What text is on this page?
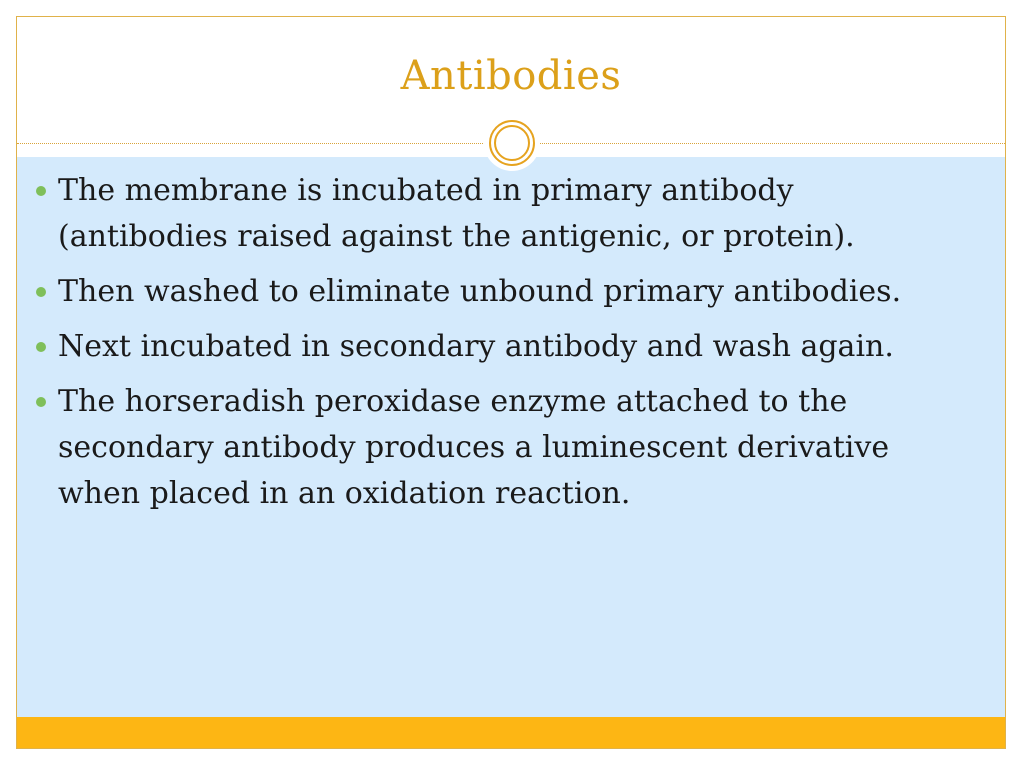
Antibodies
The membrane is incubated in primary antibody (antibodies raised against the antigenic, or protein).
Then washed to eliminate unbound primary antibodies.
Next incubated in secondary antibody and wash again.
The horseradish peroxidase enzyme attached to the secondary antibody produces a luminescent derivative when placed in an oxidation reaction.
